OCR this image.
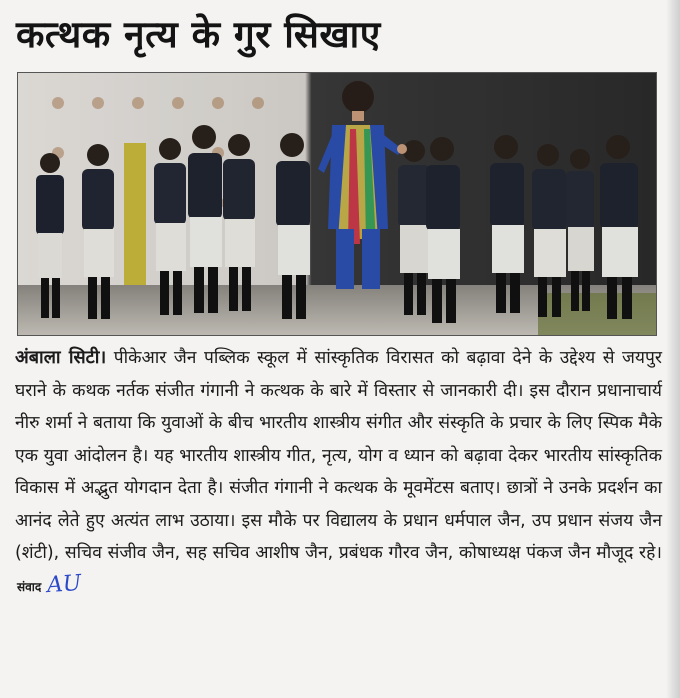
कत्थक नृत्य के गुर सिखाए

अंबाला सिटी। पीकेआर जैन पब्लिक स्कूल में सांस्कृतिक विरासत को बढ़ावा देने के उद्देश्य से जयपुर घराने के कथक नर्तक संजीत गंगानी ने कत्थक के बारे में विस्तार से जानकारी दी। इस दौरान प्रधानाचार्य नीरु शर्मा ने बताया कि युवाओं के बीच भारतीय शास्त्रीय संगीत और संस्कृति के प्रचार के लिए स्पिक मैके एक युवा आंदोलन है। यह भारतीय शास्त्रीय गीत, नृत्य, योग व ध्यान को बढ़ावा देकर भारतीय सांस्कृतिक विकास में अद्भुत योगदान देता है। संजीत गंगानी ने कत्थक के मूवमेंटस बताए। छात्रों ने उनके प्रदर्शन का आनंद लेते हुए अत्यंत लाभ उठाया। इस मौके पर विद्यालय के प्रधान धर्मपाल जैन, उप प्रधान संजय जैन (शंटी), सचिव संजीव जैन, सह सचिव आशीष जैन, प्रबंधक गौरव जैन, कोषाध्यक्ष पंकज जैन मौजूद रहे। संवाद AU
